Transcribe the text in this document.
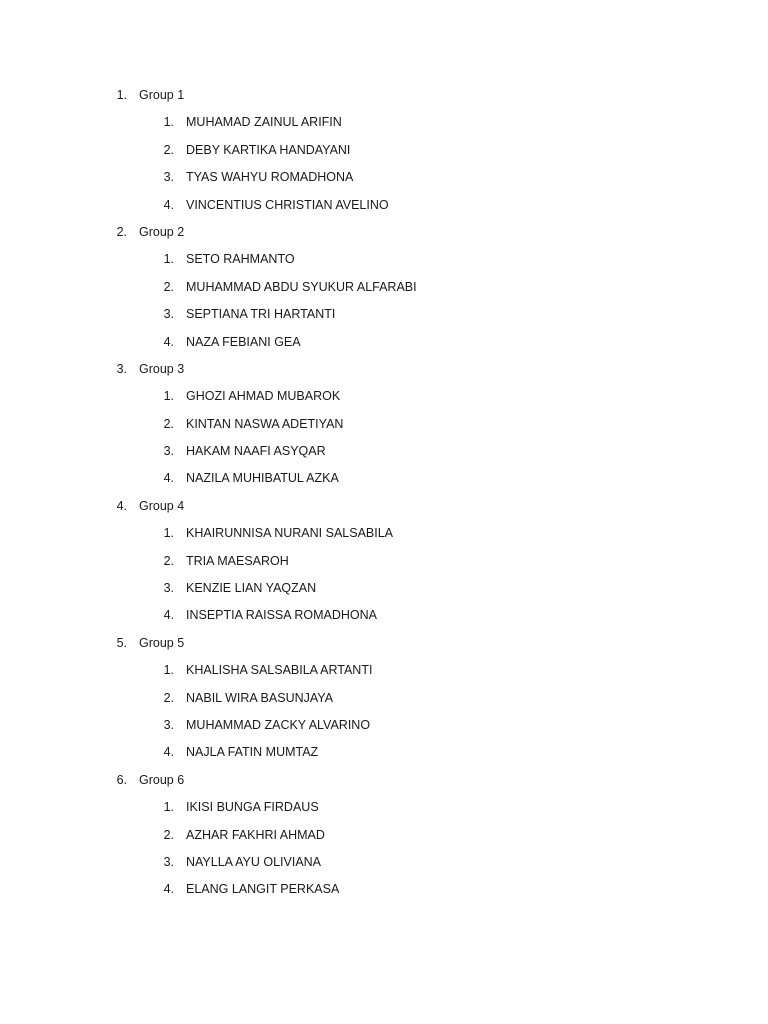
1. Group 1
1. MUHAMAD ZAINUL ARIFIN
2. DEBY KARTIKA HANDAYANI
3. TYAS WAHYU ROMADHONA
4. VINCENTIUS CHRISTIAN AVELINO
2. Group 2
1. SETO RAHMANTO
2. MUHAMMAD ABDU SYUKUR ALFARABI
3. SEPTIANA TRI HARTANTI
4. NAZA FEBIANI GEA
3. Group 3
1. GHOZI AHMAD MUBAROK
2. KINTAN NASWA ADETIYAN
3. HAKAM NAAFI ASYQAR
4. NAZILA MUHIBATUL AZKA
4. Group 4
1. KHAIRUNNISA NURANI SALSABILA
2. TRIA MAESAROH
3. KENZIE LIAN YAQZAN
4. INSEPTIA RAISSA ROMADHONA
5. Group 5
1. KHALISHA SALSABILA ARTANTI
2. NABIL WIRA BASUNJAYA
3. MUHAMMAD ZACKY ALVARINO
4. NAJLA FATIN MUMTAZ
6. Group 6
1. IKISI BUNGA FIRDAUS
2. AZHAR FAKHRI AHMAD
3. NAYLLA AYU OLIVIANA
4. ELANG LANGIT PERKASA
